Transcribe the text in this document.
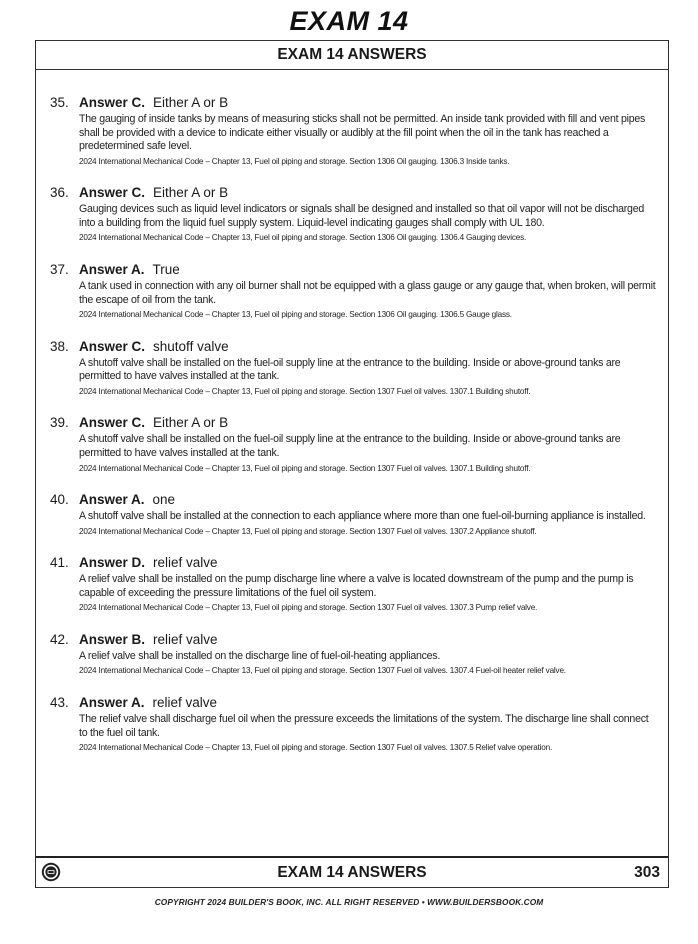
EXAM 14
EXAM 14 ANSWERS
35. Answer C. Either A or B
The gauging of inside tanks by means of measuring sticks shall not be permitted. An inside tank provided with fill and vent pipes shall be provided with a device to indicate either visually or audibly at the fill point when the oil in the tank has reached a predetermined safe level.
2024 International Mechanical Code – Chapter 13, Fuel oil piping and storage. Section 1306 Oil gauging. 1306.3 Inside tanks.
36. Answer C. Either A or B
Gauging devices such as liquid level indicators or signals shall be designed and installed so that oil vapor will not be discharged into a building from the liquid fuel supply system. Liquid-level indicating gauges shall comply with UL 180.
2024 International Mechanical Code – Chapter 13, Fuel oil piping and storage. Section 1306 Oil gauging. 1306.4 Gauging devices.
37. Answer A. True
A tank used in connection with any oil burner shall not be equipped with a glass gauge or any gauge that, when broken, will permit the escape of oil from the tank.
2024 International Mechanical Code – Chapter 13, Fuel oil piping and storage. Section 1306 Oil gauging. 1306.5 Gauge glass.
38. Answer C. shutoff valve
A shutoff valve shall be installed on the fuel-oil supply line at the entrance to the building. Inside or above-ground tanks are permitted to have valves installed at the tank.
2024 International Mechanical Code – Chapter 13, Fuel oil piping and storage. Section 1307 Fuel oil valves. 1307.1 Building shutoff.
39. Answer C. Either A or B
A shutoff valve shall be installed on the fuel-oil supply line at the entrance to the building. Inside or above-ground tanks are permitted to have valves installed at the tank.
2024 International Mechanical Code – Chapter 13, Fuel oil piping and storage. Section 1307 Fuel oil valves. 1307.1 Building shutoff.
40. Answer A. one
A shutoff valve shall be installed at the connection to each appliance where more than one fuel-oil-burning appliance is installed.
2024 International Mechanical Code – Chapter 13, Fuel oil piping and storage. Section 1307 Fuel oil valves. 1307.2 Appliance shutoff.
41. Answer D. relief valve
A relief valve shall be installed on the pump discharge line where a valve is located downstream of the pump and the pump is capable of exceeding the pressure limitations of the fuel oil system.
2024 International Mechanical Code – Chapter 13, Fuel oil piping and storage. Section 1307 Fuel oil valves. 1307.3 Pump relief valve.
42. Answer B. relief valve
A relief valve shall be installed on the discharge line of fuel-oil-heating appliances.
2024 International Mechanical Code – Chapter 13, Fuel oil piping and storage. Section 1307 Fuel oil valves. 1307.4 Fuel-oil heater relief valve.
43. Answer A. relief valve
The relief valve shall discharge fuel oil when the pressure exceeds the limitations of the system. The discharge line shall connect to the fuel oil tank.
2024 International Mechanical Code – Chapter 13, Fuel oil piping and storage. Section 1307 Fuel oil valves. 1307.5 Relief valve operation.
EXAM 14 ANSWERS	303
COPYRIGHT 2024 BUILDER'S BOOK, INC. ALL RIGHT RESERVED • WWW.BUILDERSBOOK.COM
